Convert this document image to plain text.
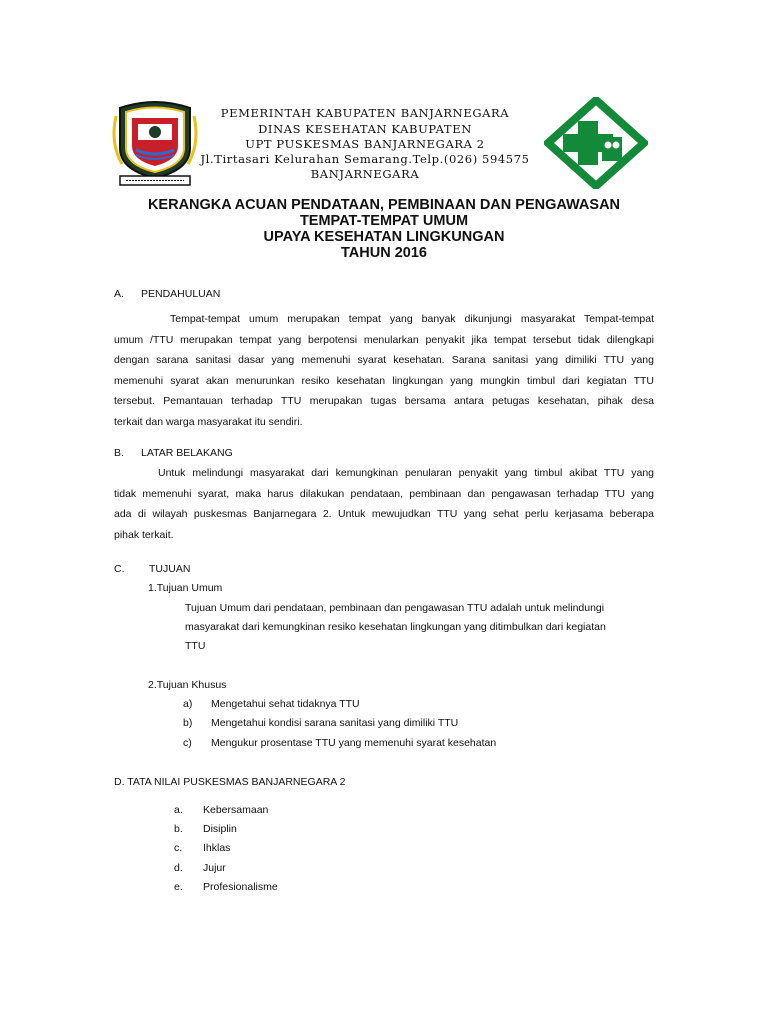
PEMERINTAH KABUPATEN BANJARNEGARA
DINAS KESEHATAN KABUPATEN
UPT PUSKESMAS BANJARNEGARA 2
Jl.Tirtasari Kelurahan Semarang.Telp.(026) 594575
BANJARNEGARA
KERANGKA ACUAN PENDATAAN, PEMBINAAN DAN PENGAWASAN
TEMPAT-TEMPAT UMUM
UPAYA KESEHATAN LINGKUNGAN
TAHUN 2016
A. PENDAHULUAN
Tempat-tempat umum merupakan tempat yang banyak dikunjungi masyarakat Tempat-tempat
umum /TTU merupakan tempat yang berpotensi menularkan penyakit jika tempat tersebut tidak dilengkapi
dengan sarana sanitasi dasar yang memenuhi syarat kesehatan. Sarana sanitasi yang dimiliki TTU yang
memenuhi syarat akan menurunkan resiko kesehatan lingkungan yang mungkin timbul dari kegiatan TTU
tersebut. Pemantauan terhadap TTU merupakan tugas bersama antara petugas kesehatan, pihak desa
terkait dan warga masyarakat itu sendiri.
B. LATAR BELAKANG
Untuk melindungi masyarakat dari kemungkinan penularan penyakit yang timbul akibat TTU yang
tidak memenuhi syarat, maka harus dilakukan pendataan, pembinaan dan pengawasan terhadap TTU yang
ada di wilayah puskesmas Banjarnegara 2. Untuk mewujudkan TTU yang sehat perlu kerjasama beberapa
pihak terkait.
C. TUJUAN
1.Tujuan Umum
Tujuan Umum dari pendataan, pembinaan dan pengawasan TTU adalah untuk melindungi
masyarakat dari kemungkinan resiko kesehatan lingkungan yang ditimbulkan dari kegiatan
TTU
2.Tujuan Khusus
a) Mengetahui sehat tidaknya TTU
b) Mengetahui kondisi sarana sanitasi yang dimiliki TTU
c) Mengukur prosentase TTU yang memenuhi syarat kesehatan
D. TATA NILAI PUSKESMAS BANJARNEGARA 2
a. Kebersamaan
b. Disiplin
c. Ihklas
d. Jujur
e. Profesionalisme
